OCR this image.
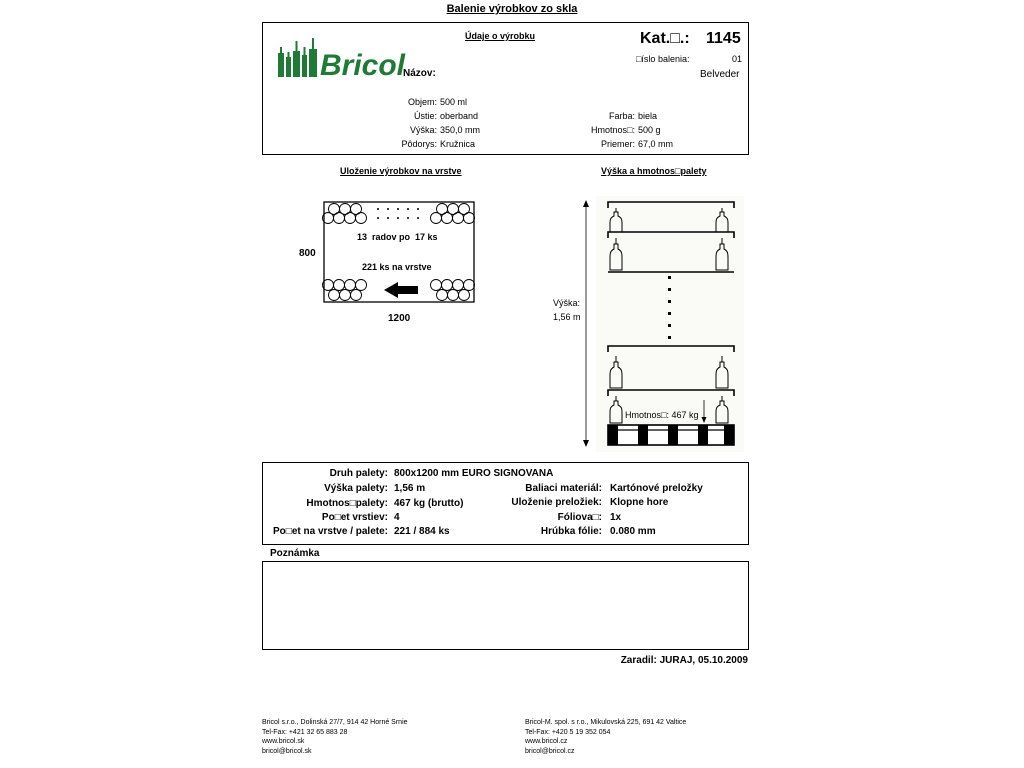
Balenie výrobkov zo skla
Bricol
Údaje o výrobku	Kat.□.: 1145
□íslo balenia:	01
Názov:	Belveder
Objem: 500 ml
Ústie: oberband
Výška: 350,0 mm
Pôdorys: Kružnica
Farba: biela
Hmotnos□: 500 g
Priemer: 67,0 mm
Uloženie výrobkov na vrstve	Výška a hmotnos□palety
13  radov po  17 ks
221 ks na vrstve
800
1200
Výška:
1,56 m
Hmotnos□: 467 kg
Druh palety: 800x1200 mm EURO SIGNOVANA
Výška palety: 1,56 m
Hmotnos□palety: 467 kg (brutto)
Po□et vrstiev: 4
Po□et na vrstve / palete: 221 / 884 ks
Baliaci materiál: Kartónové preložky
Uloženie preložiek: Klopne hore
Fóliova□: 1x
Hrúbka fólie: 0.080 mm
Poznámka
Zaradil: JURAJ, 05.10.2009
Bricol s.r.o., Dolinská 27/7, 914 42 Horné Srnie
Tel-Fax: +421 32 65 883 28
www.bricol.sk
bricol@bricol.sk
Bricol-M. spol. s r.o., Mikulovská 225, 691 42 Valtice
Tel-Fax: +420 5 19 352 054
www.bricol.cz
bricol@bricol.cz
